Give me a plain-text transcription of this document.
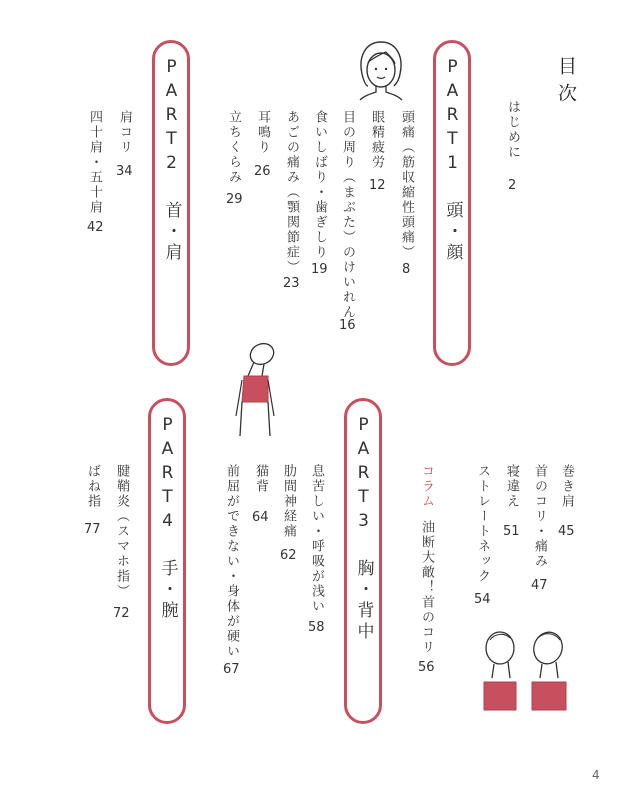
目次
はじめに
2
PART1 頭・顔
頭痛（筋収縮性頭痛）
8
眼精疲労
12
目の周り（まぶた）のけいれん
16
食いしばり・歯ぎしり
19
あごの痛み（顎関節症）
23
耳鳴り
26
立ちくらみ
29
PART2 首・肩
肩コリ
34
四十肩・五十肩
42
巻き肩
45
首のコリ・痛み
47
寝違え
51
ストレートネック
54
コラム
油断大敵！首のコリ
56
PART3 胸・背中
息苦しい・呼吸が浅い
58
肋間神経痛
62
猫背
64
前屈ができない・身体が硬い
67
PART4 手・腕
腱鞘炎（スマホ指）
72
ばね指
77
4
